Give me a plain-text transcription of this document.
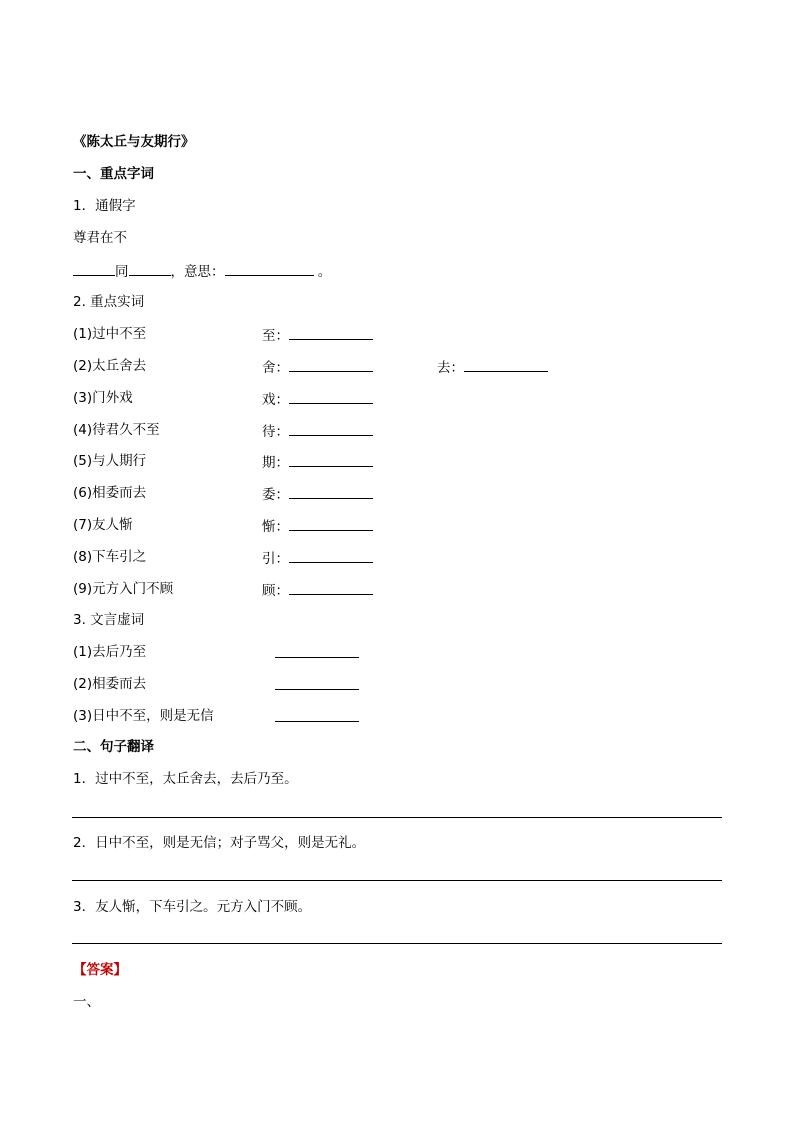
《陈太丘与友期行》
一、重点字词
1．通假字
尊君在不
同	，意思：	。
2. 重点实词
(1)过中不至	至：
(2)太丘舍去	舍：	去：
(3)门外戏	戏：
(4)待君久不至	待：
(5)与人期行	期：
(6)相委而去	委：
(7)友人惭	惭：
(8)下车引之	引：
(9)元方入门不顾	顾：
3. 文言虚词
(1)去后乃至
(2)相委而去
(3)日中不至，则是无信
二、句子翻译
1．过中不至，太丘舍去，去后乃至。
2．日中不至，则是无信；对子骂父，则是无礼。
3．友人惭，下车引之。元方入门不顾。
【答案】
一、
